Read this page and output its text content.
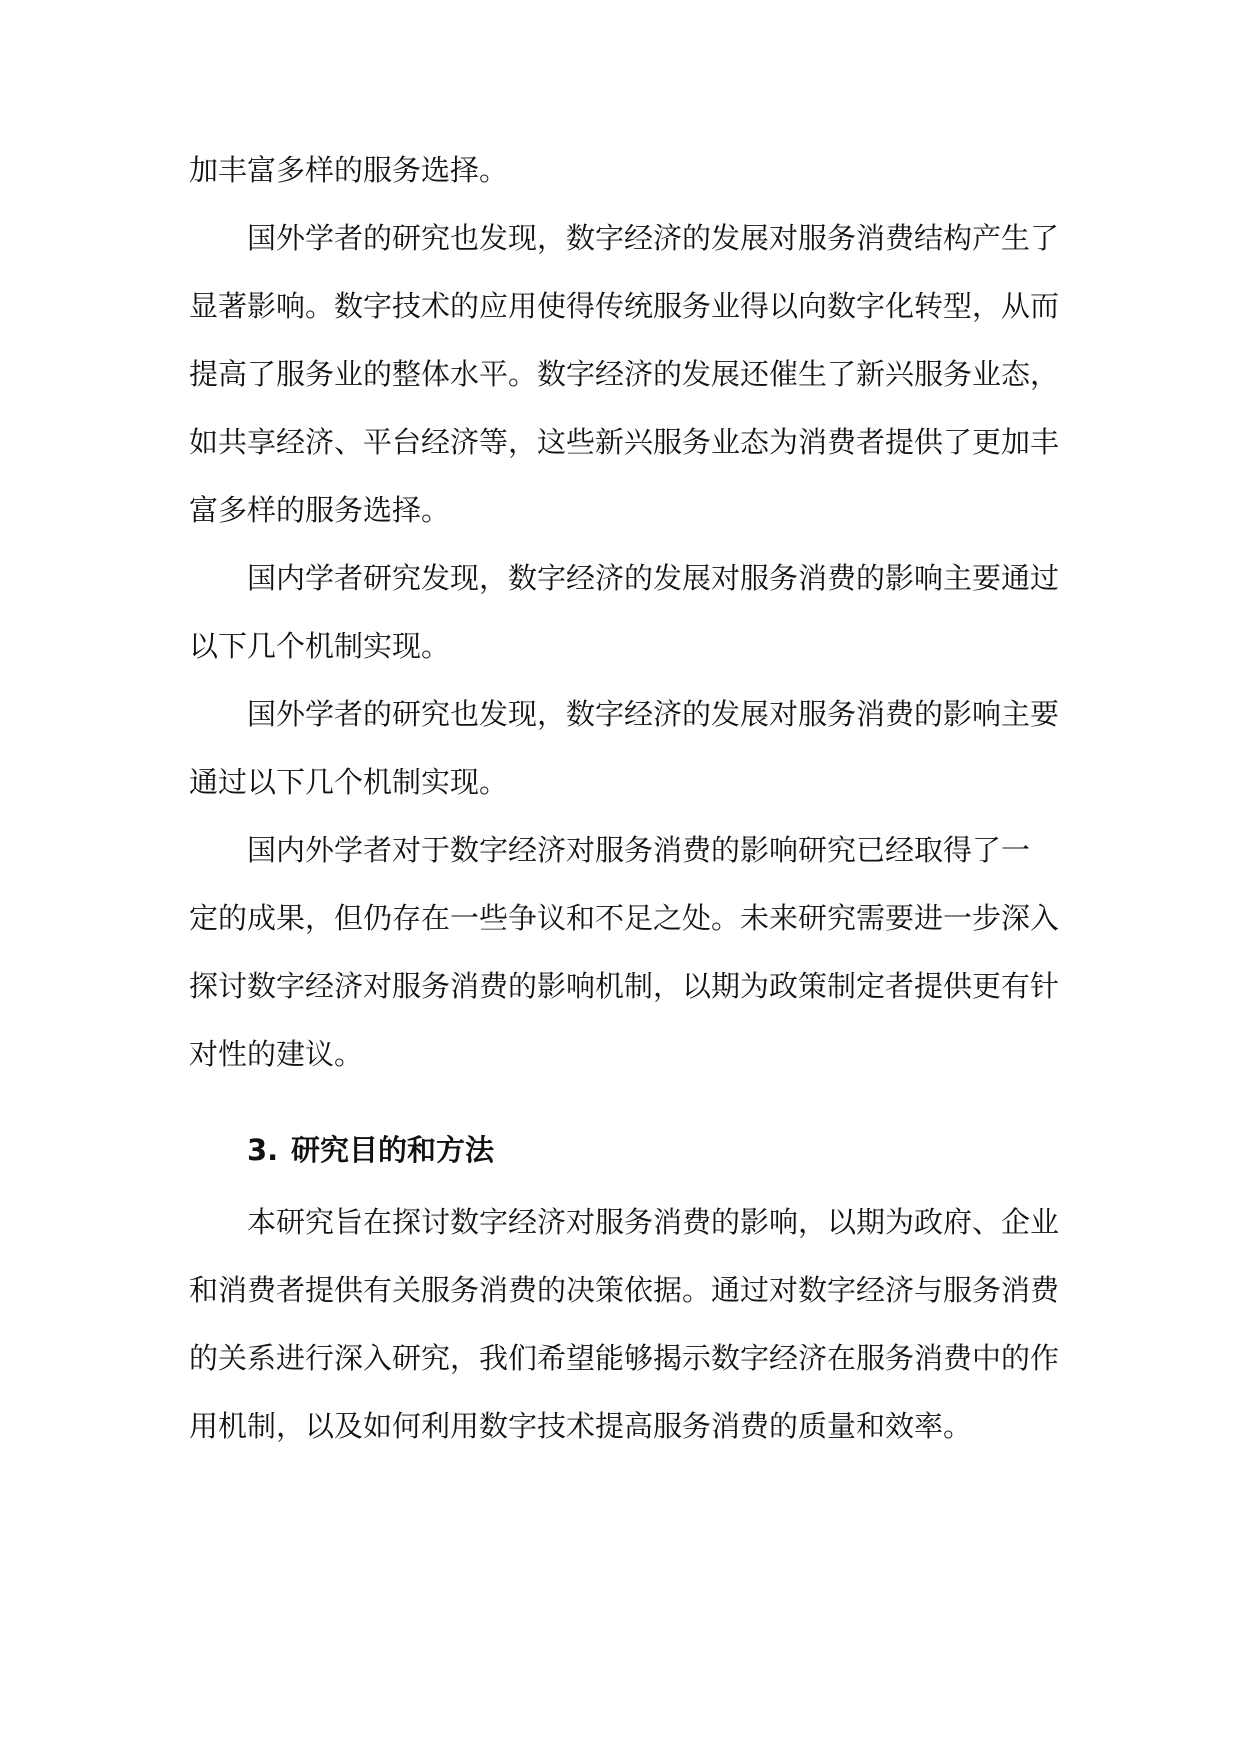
加丰富多样的服务选择。

国外学者的研究也发现，数字经济的发展对服务消费结构产生了

显著影响。数字技术的应用使得传统服务业得以向数字化转型，从而

提高了服务业的整体水平。数字经济的发展还催生了新兴服务业态，

如共享经济、平台经济等，这些新兴服务业态为消费者提供了更加丰

富多样的服务选择。

国内学者研究发现，数字经济的发展对服务消费的影响主要通过

以下几个机制实现。

国外学者的研究也发现，数字经济的发展对服务消费的影响主要

通过以下几个机制实现。

国内外学者对于数字经济对服务消费的影响研究已经取得了一

定的成果，但仍存在一些争议和不足之处。未来研究需要进一步深入

探讨数字经济对服务消费的影响机制，以期为政策制定者提供更有针

对性的建议。

3. 研究目的和方法

本研究旨在探讨数字经济对服务消费的影响，以期为政府、企业

和消费者提供有关服务消费的决策依据。通过对数字经济与服务消费

的关系进行深入研究，我们希望能够揭示数字经济在服务消费中的作

用机制，以及如何利用数字技术提高服务消费的质量和效率。
